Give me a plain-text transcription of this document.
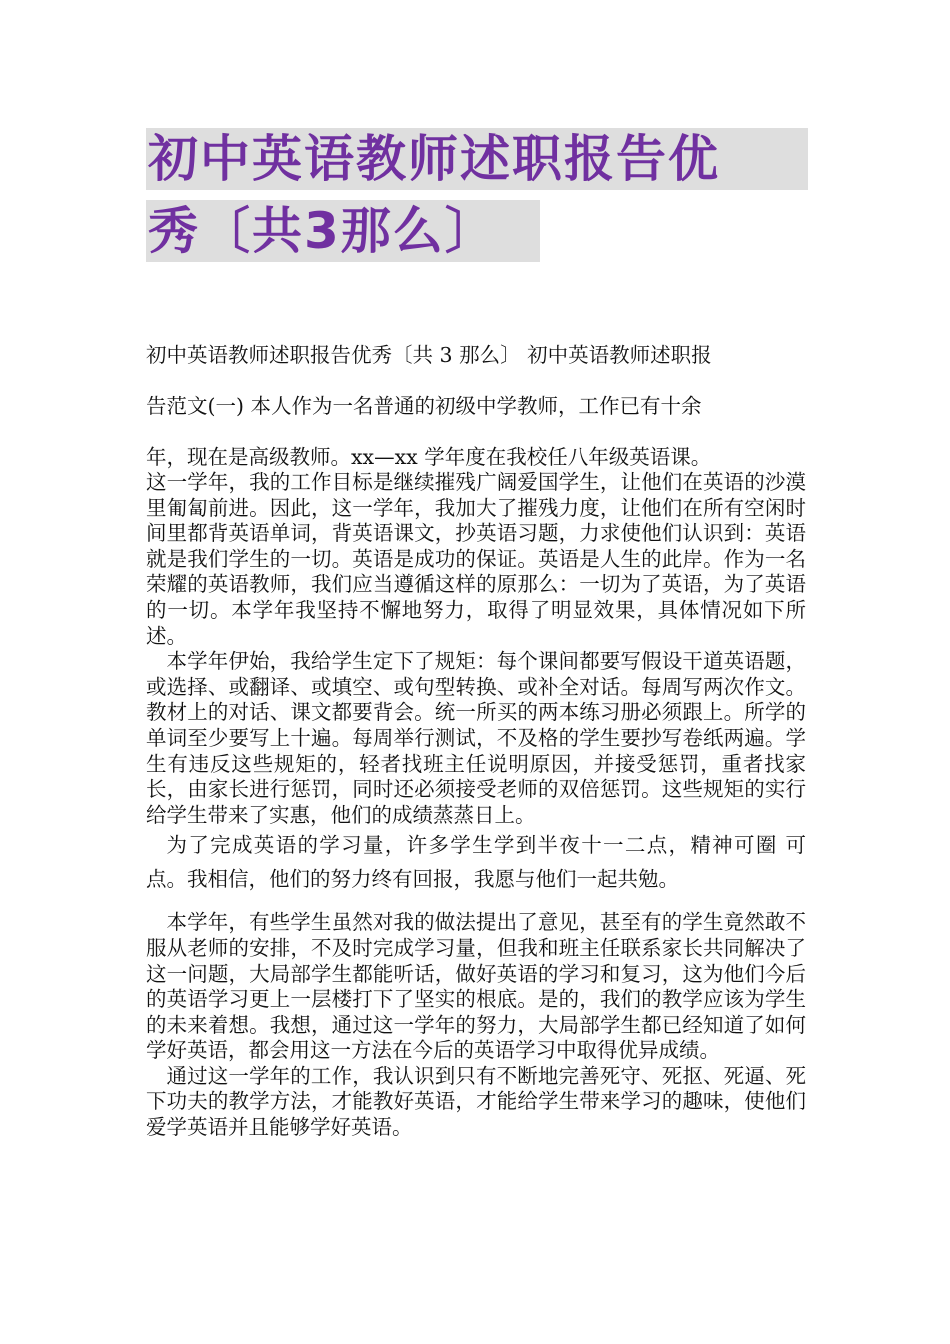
初中英语教师述职报告优 秀〔共3那么〕

初中英语教师述职报告优秀〔共 3 那么〕 初中英语教师述职报

告范文(一) 本人作为一名普通的初级中学教师，工作已有十余

年，现在是高级教师。xx—xx 学年度在我校任八年级英语课。

这一学年，我的工作目标是继续摧残广阔爱国学生，让他们在英语的沙漠里匍匐前进。因此，这一学年，我加大了摧残力度，让他们在所有空闲时间里都背英语单词，背英语课文，抄英语习题，力求使他们认识到：英语就是我们学生的一切。英语是成功的保证。英语是人生的此岸。作为一名荣耀的英语教师，我们应当遵循这样的原那么：一切为了英语，为了英语的一切。本学年我坚持不懈地努力，取得了明显效果，具体情况如下所述。

本学年伊始，我给学生定下了规矩：每个课间都要写假设干道英语题，或选择、或翻译、或填空、或句型转换、或补全对话。每周写两次作文。教材上的对话、课文都要背会。统一所买的两本练习册必须跟上。所学的单词至少要写上十遍。每周举行测试，不及格的学生要抄写卷纸两遍。学生有违反这些规矩的，轻者找班主任说明原因，并接受惩罚，重者找家长，由家长进行惩罚，同时还必须接受老师的双倍惩罚。这些规矩的实行给学生带来了实惠，他们的成绩蒸蒸日上。

为了完成英语的学习量，许多学生学到半夜十一二点，精神可圈 可点。我相信，他们的努力终有回报，我愿与他们一起共勉。

本学年，有些学生虽然对我的做法提出了意见，甚至有的学生竟然敢不服从老师的安排，不及时完成学习量，但我和班主任联系家长共同解决了这一问题，大局部学生都能听话，做好英语的学习和复习，这为他们今后的英语学习更上一层楼打下了坚实的根底。是的，我们的教学应该为学生的未来着想。我想，通过这一学年的努力，大局部学生都已经知道了如何学好英语，都会用这一方法在今后的英语学习中取得优异成绩。

通过这一学年的工作，我认识到只有不断地完善死守、死抠、死逼、死下功夫的教学方法，才能教好英语，才能给学生带来学习的趣味，使他们爱学英语并且能够学好英语。
